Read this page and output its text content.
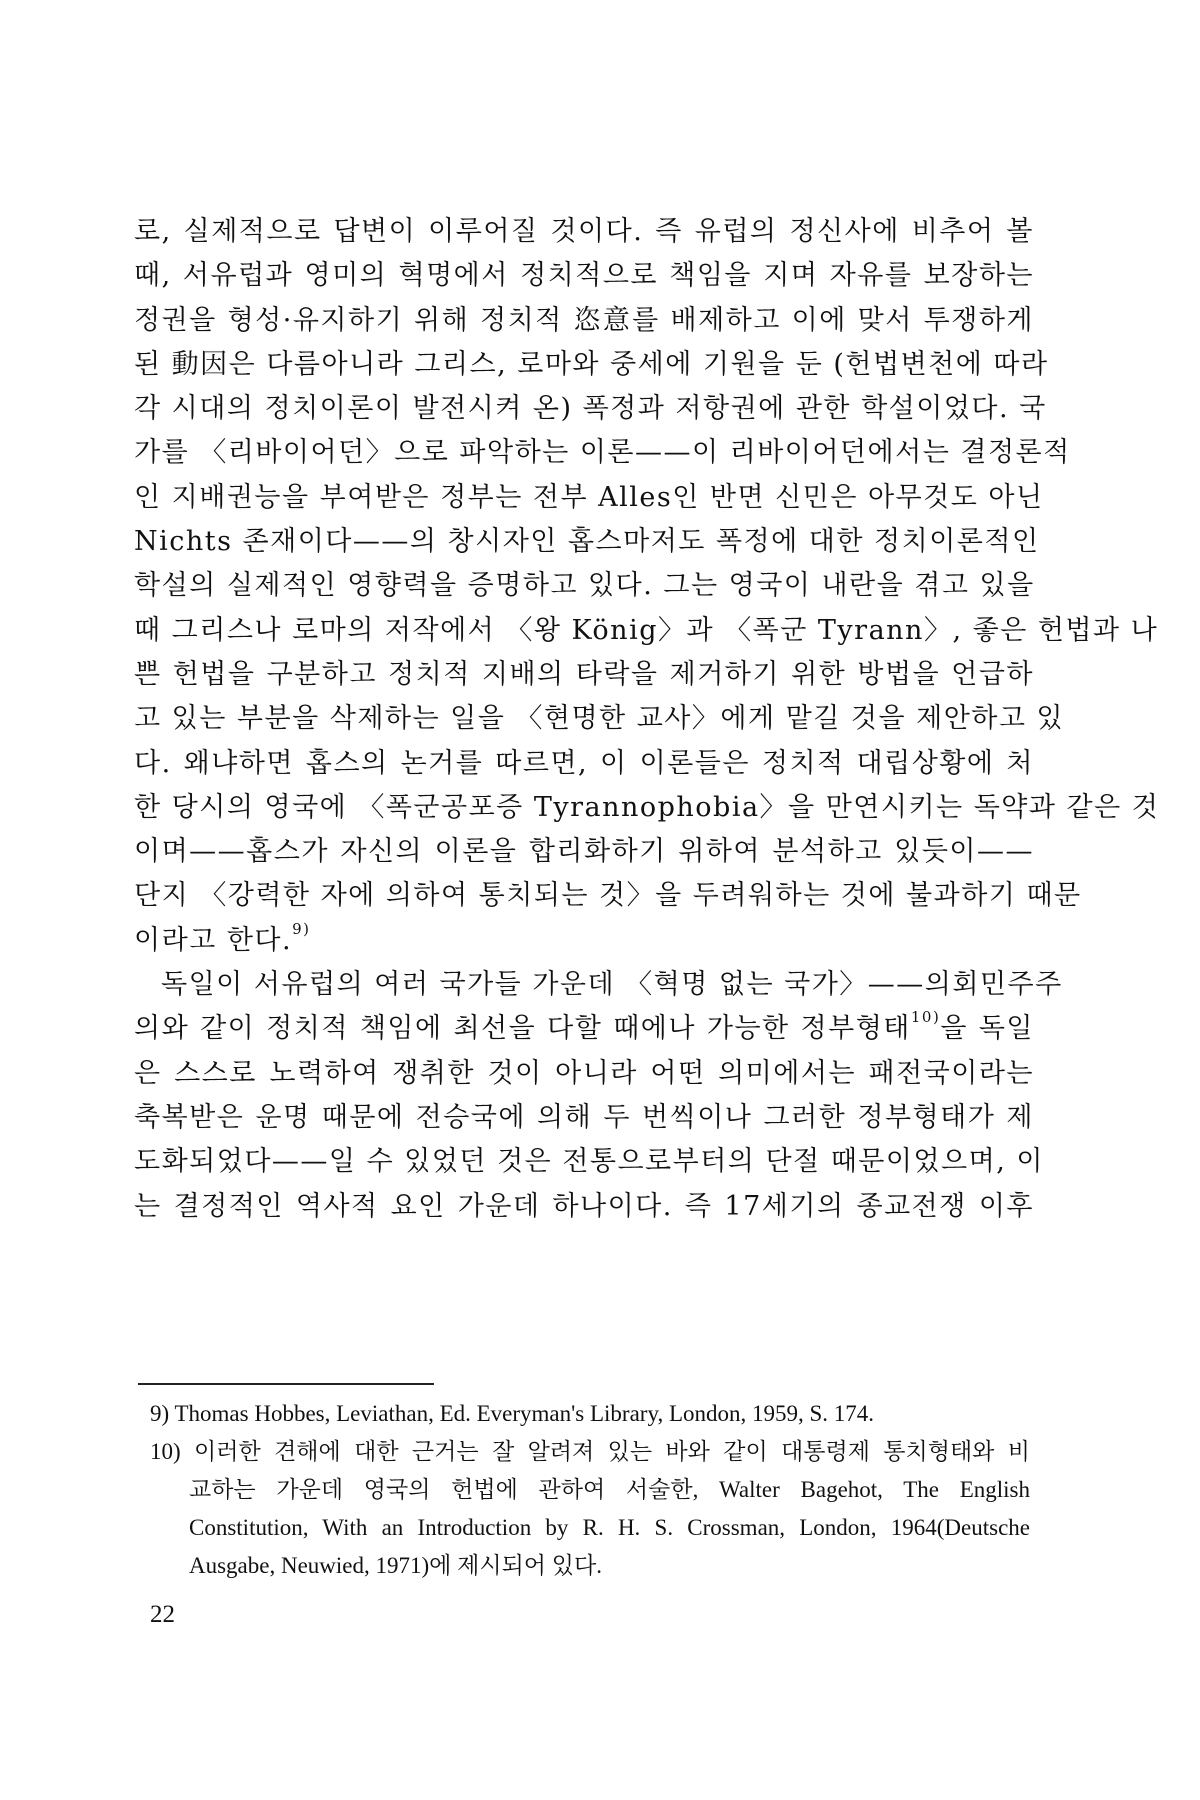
로, 실제적으로 답변이 이루어질 것이다. 즉 유럽의 정신사에 비추어 볼
때, 서유럽과 영미의 혁명에서 정치적으로 책임을 지며 자유를 보장하는
정권을 형성·유지하기 위해 정치적 恣意를 배제하고 이에 맞서 투쟁하게
된 動因은 다름아니라 그리스, 로마와 중세에 기원을 둔 (헌법변천에 따라
각 시대의 정치이론이 발전시켜 온) 폭정과 저항권에 관한 학설이었다. 국
가를 〈리바이어던〉으로 파악하는 이론——이 리바이어던에서는 결정론적
인 지배권능을 부여받은 정부는 전부 Alles인 반면 신민은 아무것도 아닌
Nichts 존재이다——의 창시자인 홉스마저도 폭정에 대한 정치이론적인
학설의 실제적인 영향력을 증명하고 있다. 그는 영국이 내란을 겪고 있을
때 그리스나 로마의 저작에서 〈왕 König〉과 〈폭군 Tyrann〉, 좋은 헌법과 나
쁜 헌법을 구분하고 정치적 지배의 타락을 제거하기 위한 방법을 언급하
고 있는 부분을 삭제하는 일을 〈현명한 교사〉에게 맡길 것을 제안하고 있
다. 왜냐하면 홉스의 논거를 따르면, 이 이론들은 정치적 대립상황에 처
한 당시의 영국에 〈폭군공포증 Tyrannophobia〉을 만연시키는 독약과 같은 것
이며——홉스가 자신의 이론을 합리화하기 위하여 분석하고 있듯이——
단지 〈강력한 자에 의하여 통치되는 것〉을 두려워하는 것에 불과하기 때문
이라고 한다.$^{9)}$
독일이 서유럽의 여러 국가들 가운데 〈혁명 없는 국가〉——의회민주주
의와 같이 정치적 책임에 최선을 다할 때에나 가능한 정부형태$^{10)}$을 독일
은 스스로 노력하여 쟁취한 것이 아니라 어떤 의미에서는 패전국이라는
축복받은 운명 때문에 전승국에 의해 두 번씩이나 그러한 정부형태가 제
도화되었다——일 수 있었던 것은 전통으로부터의 단절 때문이었으며, 이
는 결정적인 역사적 요인 가운데 하나이다. 즉 17세기의 종교전쟁 이후
9) Thomas Hobbes, Leviathan, Ed. Everyman's Library, London, 1959, S. 174.
10) 이러한 견해에 대한 근거는 잘 알려져 있는 바와 같이 대통령제 통치형태와 비
교하는 가운데 영국의 헌법에 관하여 서술한, Walter Bagehot, The English
Constitution, With an Introduction by R. H. S. Crossman, London, 1964(Deutsche
Ausgabe, Neuwied, 1971)에 제시되어 있다.
22
